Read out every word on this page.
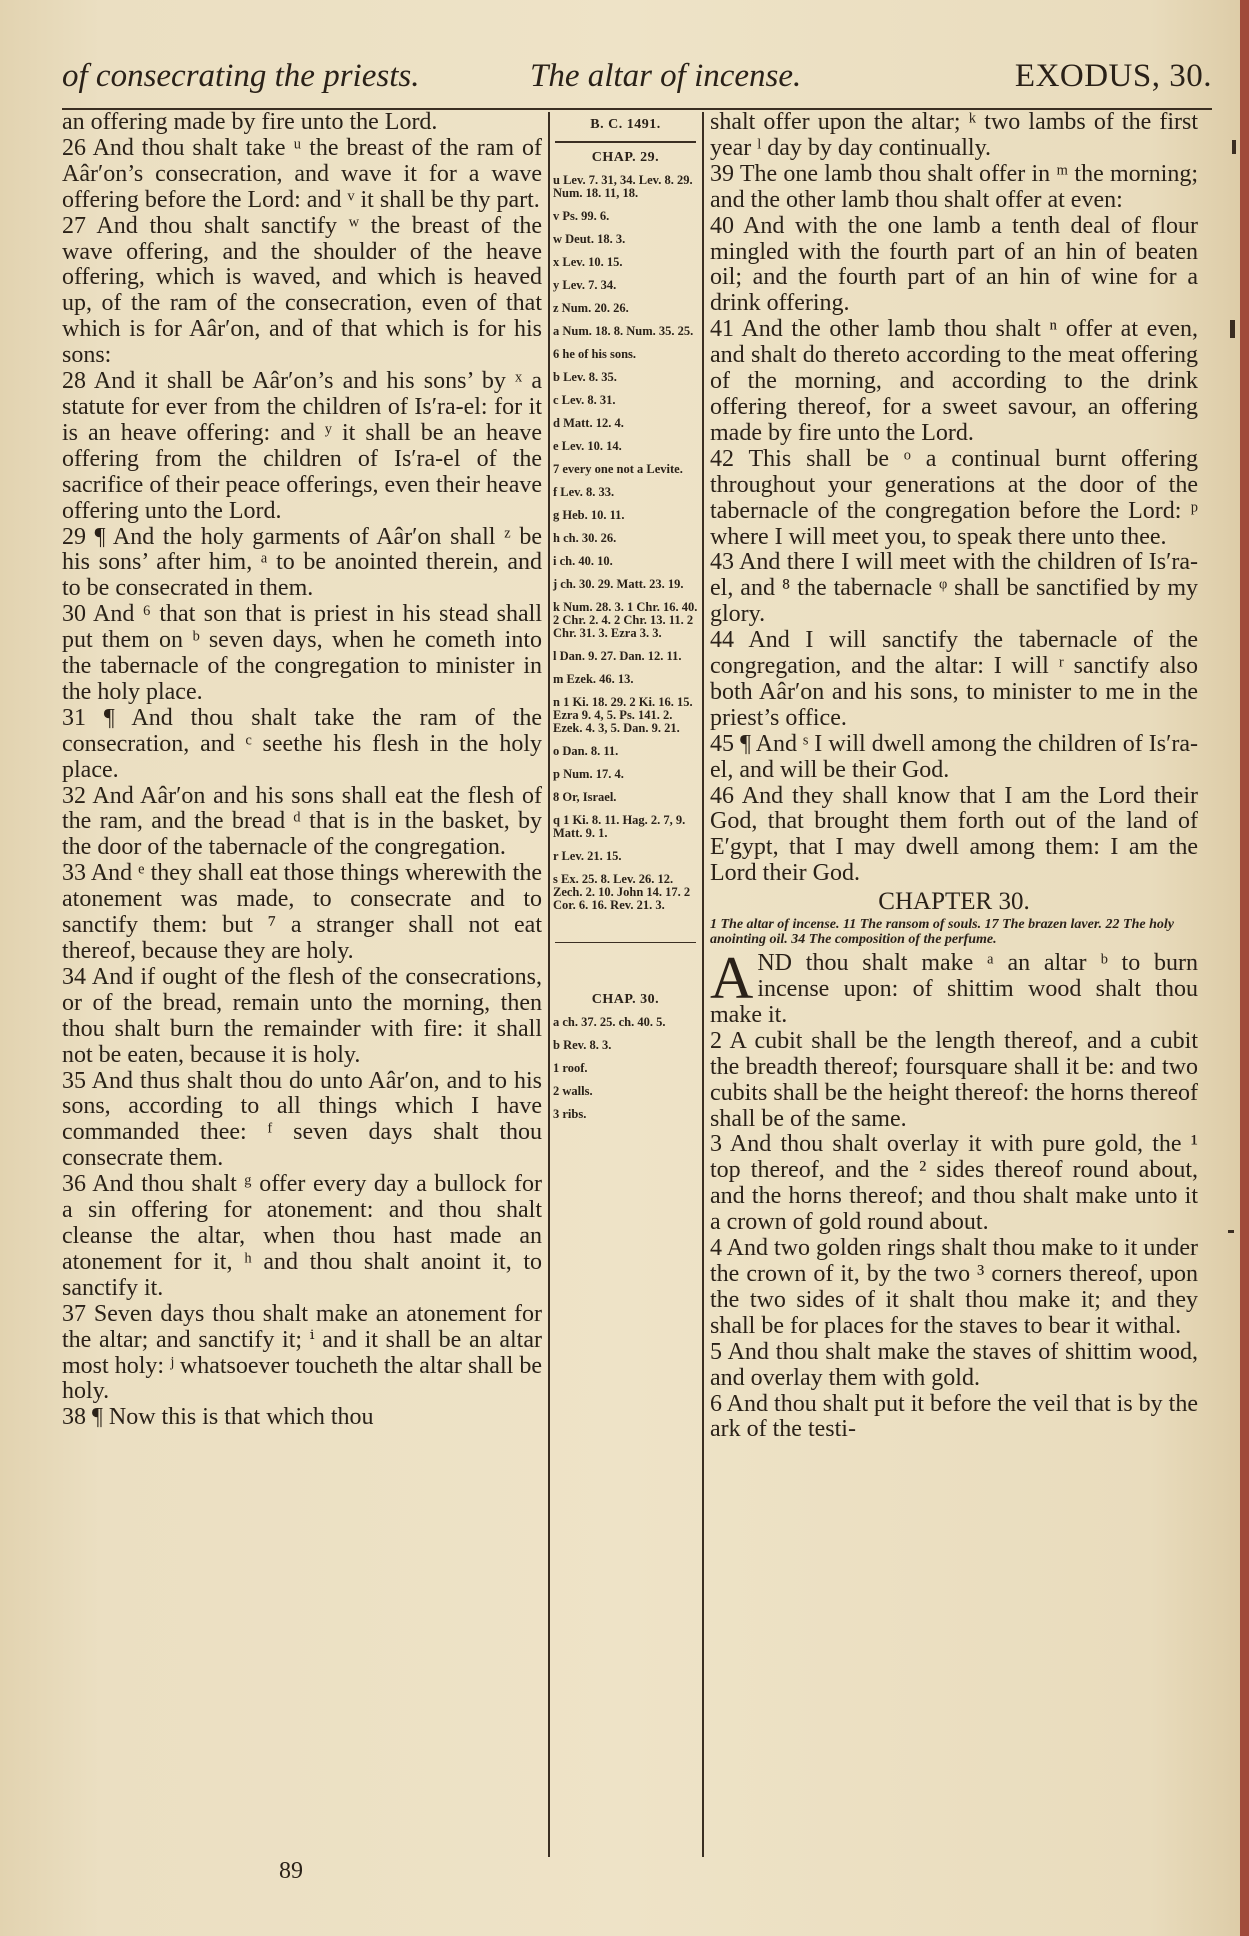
of consecrating the priests.	The altar of incense.	EXODUS, 30.

an offering made by fire unto the Lord.

26 And thou shalt take ᵘ the breast of the ram of Aâr′on’s consecration, and wave it for a wave offering before the Lord: and ᵛ it shall be thy part.

27 And thou shalt sanctify ʷ the breast of the wave offering, and the shoulder of the heave offering, which is waved, and which is heaved up, of the ram of the consecration, even of that which is for Aâr′on, and of that which is for his sons:

28 And it shall be Aâr′on’s and his sons’ by ˣ a statute for ever from the children of Is′ra-el: for it is an heave offering: and ʸ it shall be an heave offering from the children of Is′ra-el of the sacrifice of their peace offerings, even their heave offering unto the Lord.

29 ¶ And the holy garments of Aâr′on shall ᶻ be his sons’ after him, ᵃ to be anointed therein, and to be consecrated in them.

30 And ⁶ that son that is priest in his stead shall put them on ᵇ seven days, when he cometh into the tabernacle of the congregation to minister in the holy place.

31 ¶ And thou shalt take the ram of the consecration, and ᶜ seethe his flesh in the holy place.

32 And Aâr′on and his sons shall eat the flesh of the ram, and the bread ᵈ that is in the basket, by the door of the tabernacle of the congregation.

33 And ᵉ they shall eat those things wherewith the atonement was made, to consecrate and to sanctify them: but ⁷ a stranger shall not eat thereof, because they are holy.

34 And if ought of the flesh of the consecrations, or of the bread, remain unto the morning, then thou shalt burn the remainder with fire: it shall not be eaten, because it is holy.

35 And thus shalt thou do unto Aâr′on, and to his sons, according to all things which I have commanded thee: ᶠ seven days shalt thou consecrate them.

36 And thou shalt ᵍ offer every day a bullock for a sin offering for atonement: and thou shalt cleanse the altar, when thou hast made an atonement for it, ʰ and thou shalt anoint it, to sanctify it.

37 Seven days thou shalt make an atonement for the altar; and sanctify it; ⁱ and it shall be an altar most holy: ʲ whatsoever toucheth the altar shall be holy.

38 ¶ Now this is that which thou

B. C. 1491.
CHAP. 29.
u Lev. 7. 31, 34. Lev. 8. 29. Num. 18. 11, 18.
v Ps. 99. 6.
w Deut. 18. 3.
x Lev. 10. 15.
y Lev. 7. 34.
z Num. 20. 26.
a Num. 18. 8. Num. 35. 25.
6 he of his sons.
b Lev. 8. 35.
c Lev. 8. 31.
d Matt. 12. 4.
e Lev. 10. 14.
7 every one not a Levite.
f Lev. 8. 33.
g Heb. 10. 11.
h ch. 30. 26.
i ch. 40. 10.
j ch. 30. 29. Matt. 23. 19.
k Num. 28. 3. 1 Chr. 16. 40. 2 Chr. 2. 4. 2 Chr. 13. 11. 2 Chr. 31. 3. Ezra 3. 3.
l Dan. 9. 27. Dan. 12. 11.
m Ezek. 46. 13.
n 1 Ki. 18. 29. 2 Ki. 16. 15. Ezra 9. 4, 5. Ps. 141. 2. Ezek. 4. 3, 5. Dan. 9. 21.
o Dan. 8. 11.
p Num. 17. 4.
8 Or, Israel.
q 1 Ki. 8. 11. Hag. 2. 7, 9. Matt. 9. 1.
r Lev. 21. 15.
s Ex. 25. 8. Lev. 26. 12. Zech. 2. 10. John 14. 17. 2 Cor. 6. 16. Rev. 21. 3.
CHAP. 30.
a ch. 37. 25. ch. 40. 5.
b Rev. 8. 3.
1 roof.
2 walls.
3 ribs.

shalt offer upon the altar; ᵏ two lambs of the first year ˡ day by day continually.

39 The one lamb thou shalt offer in ᵐ the morning; and the other lamb thou shalt offer at even:

40 And with the one lamb a tenth deal of flour mingled with the fourth part of an hin of beaten oil; and the fourth part of an hin of wine for a drink offering.

41 And the other lamb thou shalt ⁿ offer at even, and shalt do thereto according to the meat offering of the morning, and according to the drink offering thereof, for a sweet savour, an offering made by fire unto the Lord.

42 This shall be ᵒ a continual burnt offering throughout your generations at the door of the tabernacle of the congregation before the Lord: ᵖ where I will meet you, to speak there unto thee.

43 And there I will meet with the children of Is′ra-el, and ⁸ the tabernacle ᵠ shall be sanctified by my glory.

44 And I will sanctify the tabernacle of the congregation, and the altar: I will ʳ sanctify also both Aâr′on and his sons, to minister to me in the priest’s office.

45 ¶ And ˢ I will dwell among the children of Is′ra-el, and will be their God.

46 And they shall know that I am the Lord their God, that brought them forth out of the land of E′gypt, that I may dwell among them: I am the Lord their God.

CHAPTER 30.
1 The altar of incense. 11 The ransom of souls. 17 The brazen laver. 22 The holy anointing oil. 34 The composition of the perfume.

AND thou shalt make ᵃ an altar ᵇ to burn incense upon: of shittim wood shalt thou make it.

2 A cubit shall be the length thereof, and a cubit the breadth thereof; foursquare shall it be: and two cubits shall be the height thereof: the horns thereof shall be of the same.

3 And thou shalt overlay it with pure gold, the ¹ top thereof, and the ² sides thereof round about, and the horns thereof; and thou shalt make unto it a crown of gold round about.

4 And two golden rings shalt thou make to it under the crown of it, by the two ³ corners thereof, upon the two sides of it shalt thou make it; and they shall be for places for the staves to bear it withal.

5 And thou shalt make the staves of shittim wood, and overlay them with gold.

6 And thou shalt put it before the veil that is by the ark of the testi-

89
